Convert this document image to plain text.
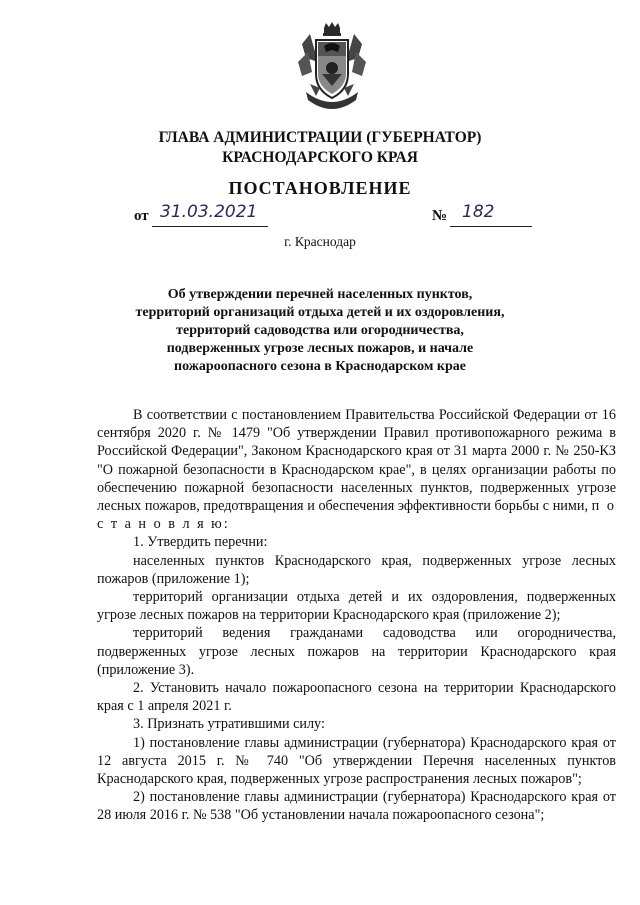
ГЛАВА АДМИНИСТРАЦИИ (ГУБЕРНАТОР)
КРАСНОДАРСКОГО КРАЯ
ПОСТАНОВЛЕНИЕ
от 31.03.2021	№ 182
г. Краснодар
Об утверждении перечней населенных пунктов,
территорий организаций отдыха детей и их оздоровления,
территорий садоводства или огородничества,
подверженных угрозе лесных пожаров, и начале
пожароопасного сезона в Краснодарском крае

В соответствии с постановлением Правительства Российской Федерации от 16 сентября 2020 г. № 1479 "Об утверждении Правил противопожарного режима в Российской Федерации", Законом Краснодарского края от 31 марта 2000 г. № 250-КЗ "О пожарной безопасности в Краснодарском крае", в целях организации работы по обеспечению пожарной безопасности населенных пунктов, подверженных угрозе лесных пожаров, предотвращения и обеспечения эффективности борьбы с ними, п о с т а н о в л я ю:

1. Утвердить перечни:

населенных пунктов Краснодарского края, подверженных угрозе лесных пожаров (приложение 1);

территорий организации отдыха детей и их оздоровления, подверженных угрозе лесных пожаров на территории Краснодарского края (приложение 2);

территорий ведения гражданами садоводства или огородничества, подверженных угрозе лесных пожаров на территории Краснодарского края (приложение 3).

2. Установить начало пожароопасного сезона на территории Краснодарского края с 1 апреля 2021 г.

3. Признать утратившими силу:

1) постановление главы администрации (губернатора) Краснодарского края от 12 августа 2015 г. № 740 "Об утверждении Перечня населенных пунктов Краснодарского края, подверженных угрозе распространения лесных пожаров";

2) постановление главы администрации (губернатора) Краснодарского края от 28 июля 2016 г. № 538 "Об установлении начала пожароопасного сезона";
